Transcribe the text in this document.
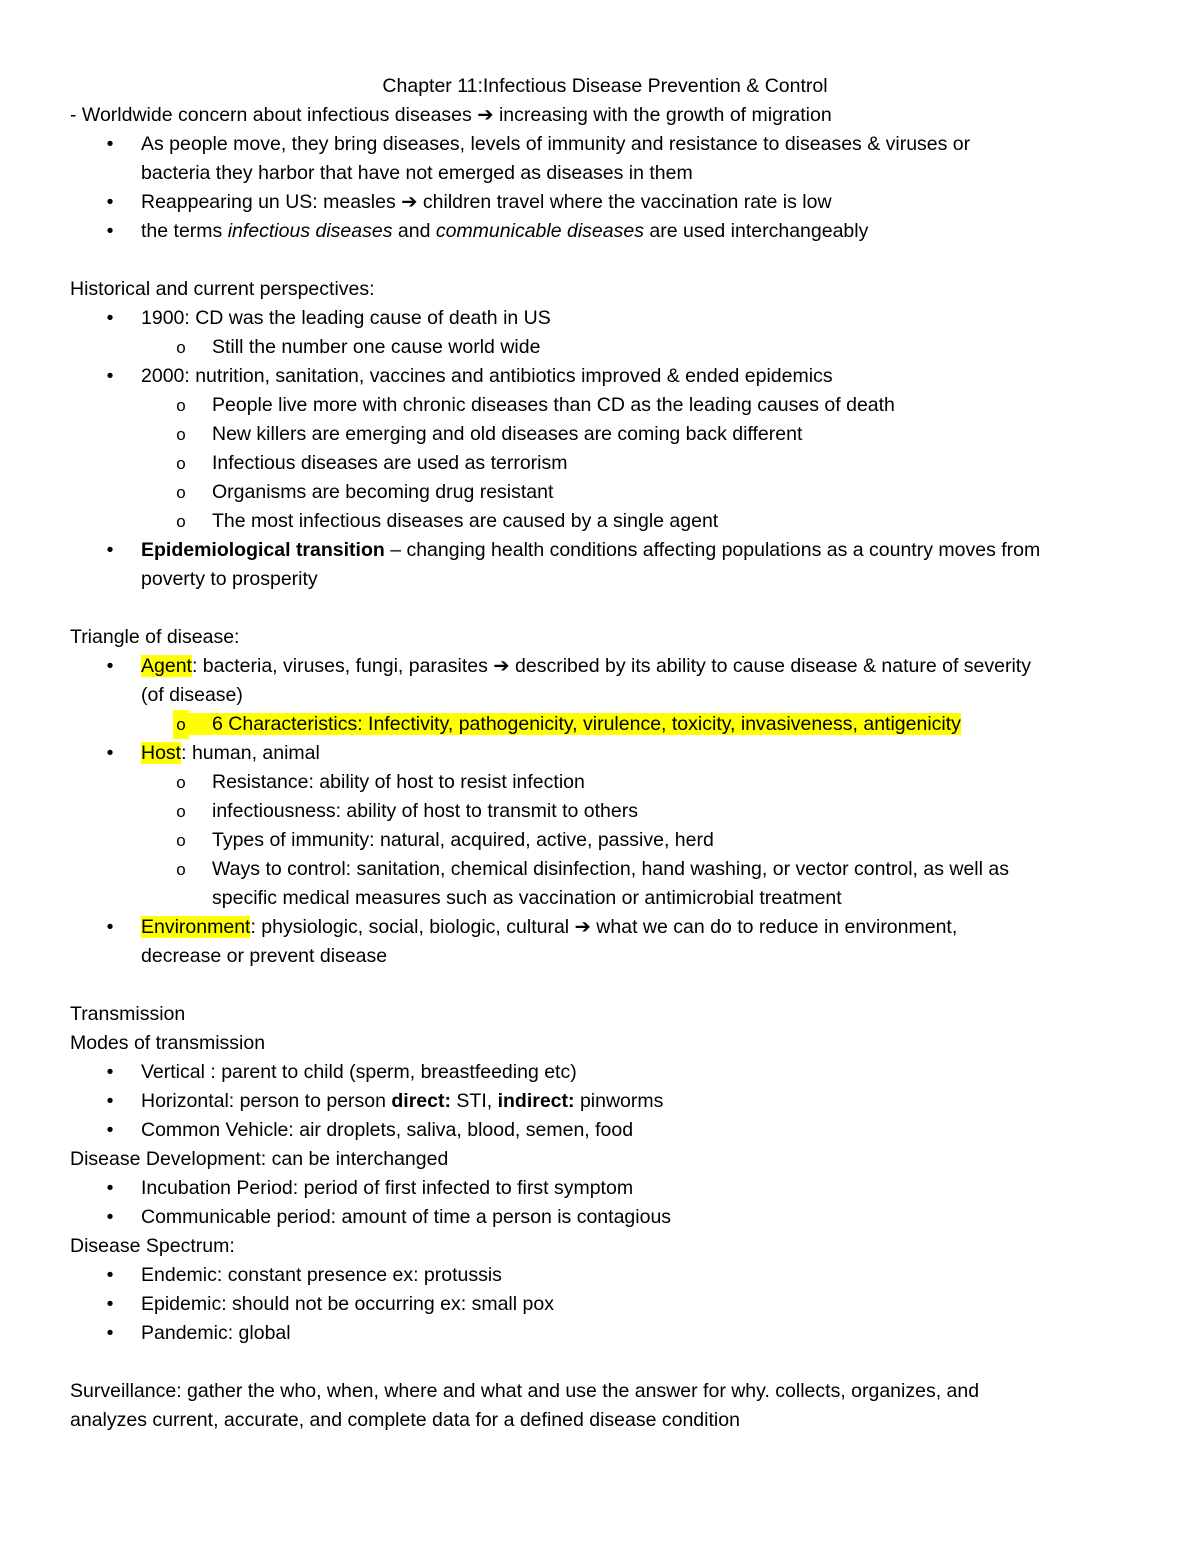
Chapter 11:Infectious Disease Prevention & Control
- Worldwide concern about infectious diseases ➔ increasing with the growth of migration
• As people move, they bring diseases, levels of immunity and resistance to diseases & viruses or
bacteria they harbor that have not emerged as diseases in them
• Reappearing un US: measles ➔ children travel where the vaccination rate is low
• the terms infectious diseases and communicable diseases are used interchangeably
Historical and current perspectives:
• 1900: CD was the leading cause of death in US
o Still the number one cause world wide
• 2000: nutrition, sanitation, vaccines and antibiotics improved & ended epidemics
o People live more with chronic diseases than CD as the leading causes of death
o New killers are emerging and old diseases are coming back different
o Infectious diseases are used as terrorism
o Organisms are becoming drug resistant
o The most infectious diseases are caused by a single agent
• Epidemiological transition – changing health conditions affecting populations as a country moves from
poverty to prosperity
Triangle of disease:
• Agent: bacteria, viruses, fungi, parasites ➔ described by its ability to cause disease & nature of severity
(of disease)
o 6 Characteristics: Infectivity, pathogenicity, virulence, toxicity, invasiveness, antigenicity
• Host: human, animal
o Resistance: ability of host to resist infection
o infectiousness: ability of host to transmit to others
o Types of immunity: natural, acquired, active, passive, herd
o Ways to control: sanitation, chemical disinfection, hand washing, or vector control, as well as
specific medical measures such as vaccination or antimicrobial treatment
• Environment: physiologic, social, biologic, cultural ➔ what we can do to reduce in environment,
decrease or prevent disease
Transmission
Modes of transmission
• Vertical : parent to child (sperm, breastfeeding etc)
• Horizontal: person to person direct: STI, indirect: pinworms
• Common Vehicle: air droplets, saliva, blood, semen, food
Disease Development: can be interchanged
• Incubation Period: period of first infected to first symptom
• Communicable period: amount of time a person is contagious
Disease Spectrum:
• Endemic: constant presence ex: protussis
• Epidemic: should not be occurring ex: small pox
• Pandemic: global
Surveillance: gather the who, when, where and what and use the answer for why. collects, organizes, and
analyzes current, accurate, and complete data for a defined disease condition
